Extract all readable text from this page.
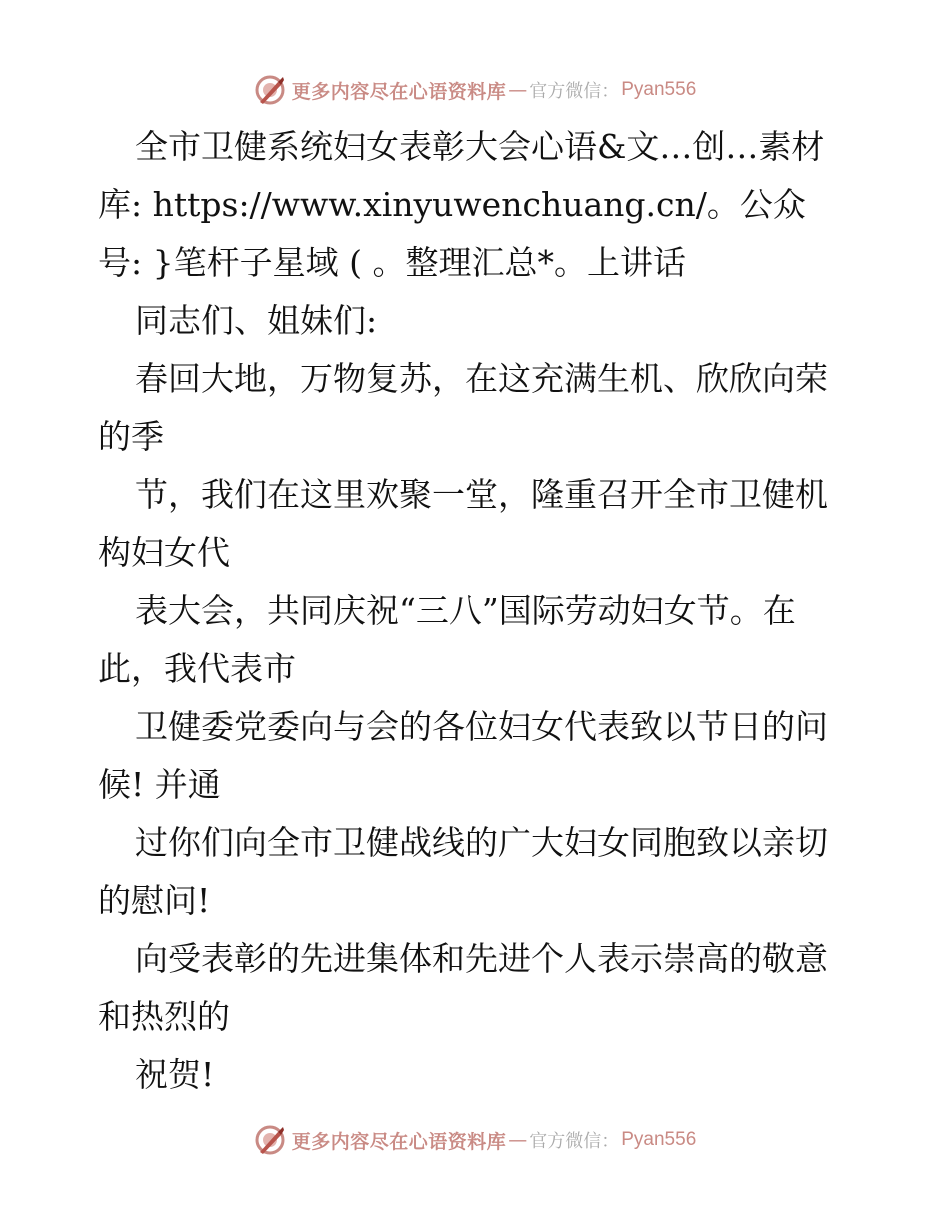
更多内容尽在心语资料库 — 官方微信： Pyan556
全市卫健系统妇女表彰大会心语&文…创…素材
库: https://www.xinyuwenchuang.cn/。公众
号: }笔杆子星域 ( 。整理汇总*。上讲话
同志们、姐妹们:
春回大地，万物复苏，在这充满生机、欣欣向荣
的季
节，我们在这里欢聚一堂，隆重召开全市卫健机
构妇女代
表大会，共同庆祝“三八”国际劳动妇女节。在
此，我代表市
卫健委党委向与会的各位妇女代表致以节日的问
候! 并通
过你们向全市卫健战线的广大妇女同胞致以亲切
的慰问!
向受表彰的先进集体和先进个人表示崇高的敬意
和热烈的
祝贺!
更多内容尽在心语资料库 — 官方微信： Pyan556
